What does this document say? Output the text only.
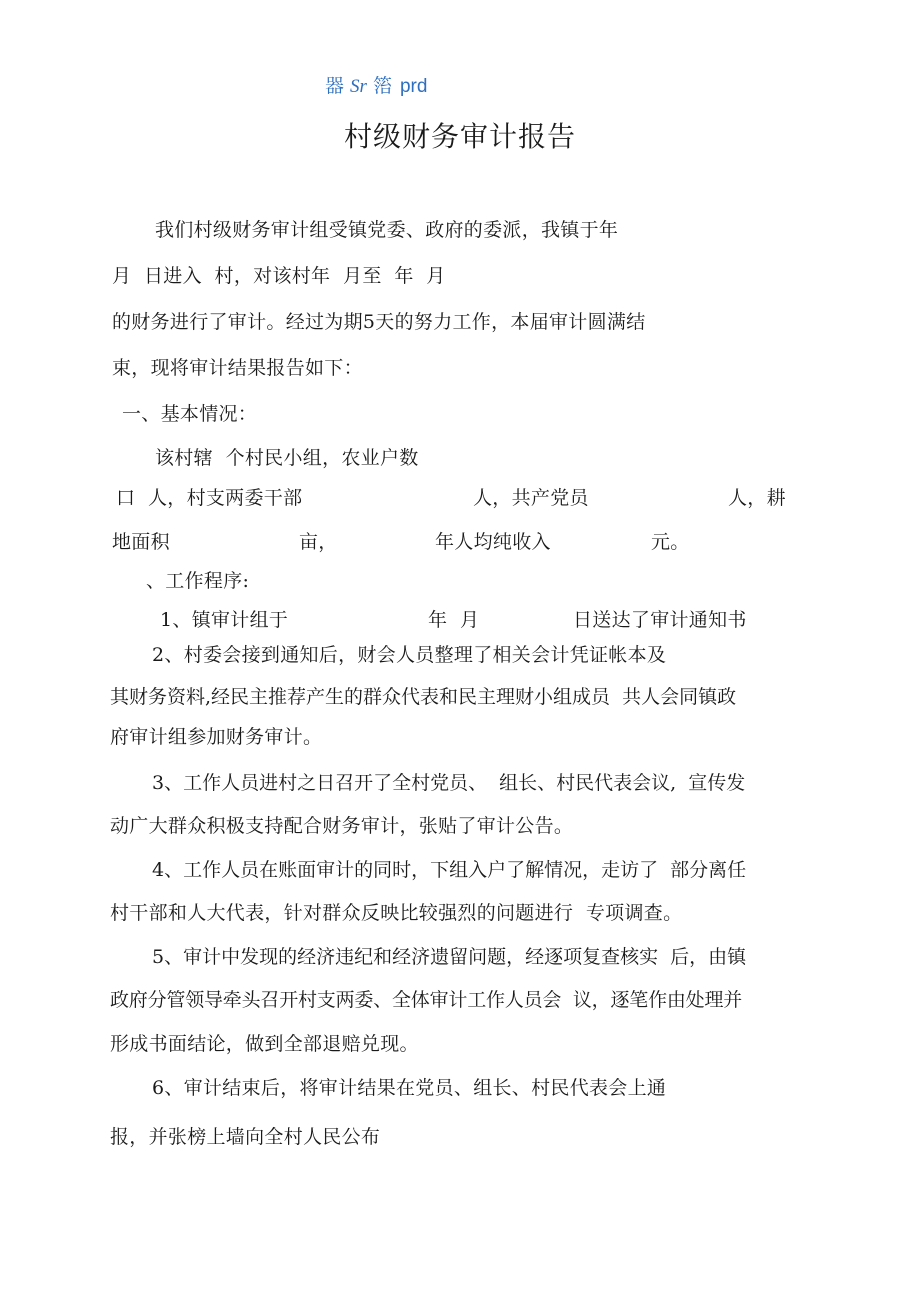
器 Sr 箈 prd
村级财务审计报告
我们村级财务审计组受镇党委、政府的委派，我镇于年
月  日进入  村，对该村年  月至  年  月
的财务进行了审计。经过为期5天的努力工作，本届审计圆满结
束，现将审计结果报告如下：
一、基本情况：
该村辖  个村民小组，农业户数
口  人，村支两委干部	人，共产党员	人，耕
地面积	亩，	年人均纯收入	元。
、工作程序:
1、镇审计组于	年  月	日送达了审计通知书
2、村委会接到通知后，财会人员整理了相关会计凭证帐本及
其财务资料,经民主推荐产生的群众代表和民主理财小组成员  共人会同镇政
府审计组参加财务审计。
3、工作人员进村之日召开了全村党员、  组长、村民代表会议,  宣传发
动广大群众积极支持配合财务审计，张贴了审计公告。
4、工作人员在账面审计的同时，下组入户了解情况，走访了  部分离任
村干部和人大代表，针对群众反映比较强烈的问题进行  专项调查。
5、审计中发现的经济违纪和经济遗留问题，经逐项复查核实  后，由镇
政府分管领导牵头召开村支两委、全体审计工作人员会  议，逐笔作由处理并
形成书面结论，做到全部退赔兑现。
6、审计结束后，将审计结果在党员、组长、村民代表会上通
报，并张榜上墙向全村人民公布
